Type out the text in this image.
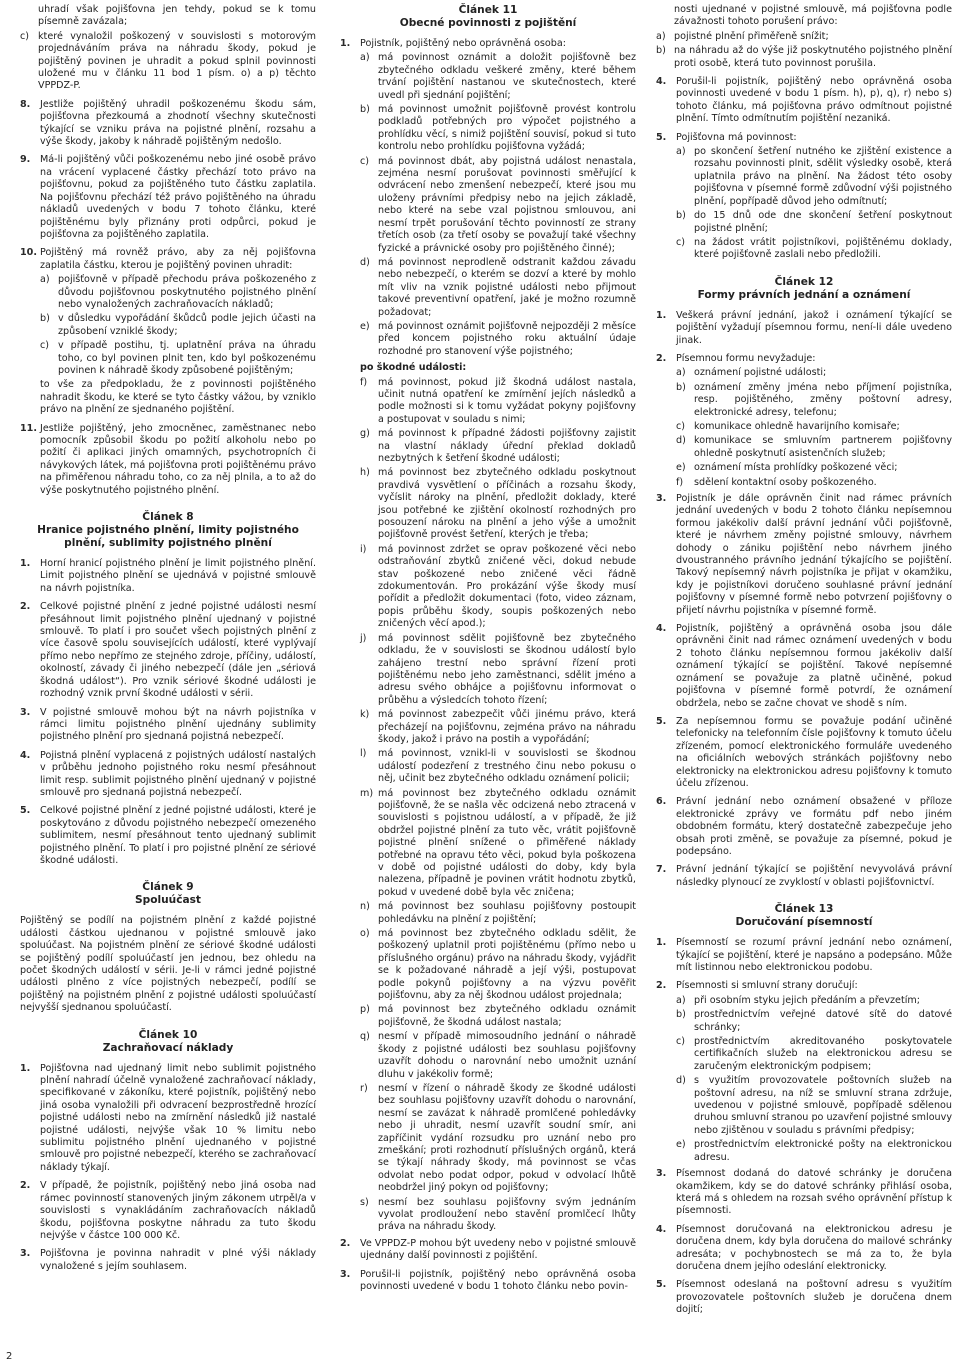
uhradí však pojišťovna jen tehdy, pokud se k tomu písemně zavázala;

c) které vynaložil poškozený v souvislosti s motorovým projednáváním práva na náhradu škody, pokud je pojištěný povinen je uhradit a pokud splnil povinnosti uložené mu v článku 11 bod 1 písm. o) a p) těchto VPPDZ-P.
8. Jestliže pojištěný uhradil poškozenému škodu sám, pojišťovna přezkoumá a zhodnotí všechny skutečnosti týkající se vzniku práva na pojistné plnění, rozsahu a výše škody, jakoby k náhradě pojištěným nedošlo.
9. Má-li pojištěný vůči poškozenému nebo jiné osobě právo na vrácení vyplacené částky přechází toto právo na pojišťovnu, pokud za pojištěného tuto částku zaplatila. Na pojišťovnu přechází též právo pojištěného na úhradu nákladů uvedených v bodu 7 tohoto článku, které pojištěnému byly přiznány proti odpůrci, pokud je pojišťovna za pojištěného zaplatila.
10. Pojištěný má rovněž právo, aby za něj pojišťovna zaplatila částku, kterou je pojištěný povinen uhradit:
a) pojišťovně v případě přechodu práva poškozeného z důvodu pojišťovnou poskytnutého pojistného plnění nebo vynaložených zachraňovacích nákladů;
b) v důsledku vypořádání škůdců podle jejich účasti na způsobení vzniklé škody;
c) v případě postihu, tj. uplatnění práva na úhradu toho, co byl povinen plnit ten, kdo byl poškozenému povinen k náhradě škody způsobené pojištěným;

to vše za předpokladu, že z povinnosti pojištěného nahradit škodu, ke které se tyto částky vážou, by vzniklo právo na plnění ze sjednaného pojištění.

11. Jestliže pojištěný, jeho zmocněnec, zaměstnanec nebo pomocník způsobil škodu po požití alkoholu nebo po požití či aplikaci jiných omamných, psychotropních či návykových látek, má pojišťovna proti pojištěnému právo na přiměřenou náhradu toho, co za něj plnila, a to až do výše poskytnutého pojistného plnění.
Článek 8
Hranice pojistného plnění, limity pojistného plnění, sublimity pojistného plnění
1. Horní hranicí pojistného plnění je limit pojistného plnění. Limit pojistného plnění se ujednává v pojistné smlouvě na návrh pojistníka.
2. Celkové pojistné plnění z jedné pojistné události nesmí přesáhnout limit pojistného plnění ujednaný v pojistné smlouvě. To platí i pro součet všech pojistných plnění z více časově spolu souvisejících událostí, které vyplývají přímo nebo nepřímo ze stejného zdroje, příčiny, událostí, okolností, závady či jiného nebezpečí (dále jen „sériová škodná událost“). Pro vznik sériové škodné události je rozhodný vznik první škodné události v sérii.
3. V pojistné smlouvě mohou být na návrh pojistníka v rámci limitu pojistného plnění ujednány sublimity pojistného plnění pro sjednaná pojistná nebezpečí.
4. Pojistná plnění vyplacená z pojistných událostí nastalých v průběhu jednoho pojistného roku nesmí přesáhnout limit resp. sublimit pojistného plnění ujednaný v pojistné smlouvě pro sjednaná pojistná nebezpečí.
5. Celkové pojistné plnění z jedné pojistné události, které je poskytováno z důvodu pojistného nebezpečí omezeného sublimitem, nesmí přesáhnout tento ujednaný sublimit pojistného plnění. To platí i pro pojistné plnění ze sériové škodné události.
Článek 9
Spoluúčast

Pojištěný se podílí na pojistném plnění z každé pojistné události částkou ujednanou v pojistné smlouvě jako spoluúčast. Na pojistném plnění ze sériové škodné události se pojištěný podílí spoluúčastí jen jednou, bez ohledu na počet škodných událostí v sérii. Je-li v rámci jedné pojistné události plněno z více pojistných nebezpečí, podílí se pojištěný na pojistném plnění z pojistné události spoluúčastí nejvyšší sjednanou spoluúčastí.

Článek 10
Zachraňovací náklady
1. Pojišťovna nad ujednaný limit nebo sublimit pojistného plnění nahradí účelně vynaložené zachraňovací náklady, specifikované v zákoníku, které pojistník, pojištěný nebo jiná osoba vynaložili při odvracení bezprostředně hrozící pojistné události nebo na zmírnění následků již nastalé pojistné události, nejvýše však 10 % limitu nebo sublimitu pojistného plnění ujednaného v pojistné smlouvě pro pojistné nebezpečí, kterého se zachraňovací náklady týkají.
2. V případě, že pojistník, pojištěný nebo jiná osoba nad rámec povinností stanovených jiným zákonem utrpěl/a v souvislosti s vynakládáním zachraňovacích nákladů škodu, pojišťovna poskytne náhradu za tuto škodu nejvýše v částce 100 000 Kč.
3. Pojišťovna je povinna nahradit v plné výši náklady vynaložené s jejím souhlasem.
Článek 11
Obecné povinnosti z pojištění
1. Pojistník, pojištěný nebo oprávněná osoba:
a) má povinnost oznámit a doložit pojišťovně bez zbytečného odkladu veškeré změny, které během trvání pojištění nastanou ve skutečnostech, které uvedl při sjednání pojištění;
b) má povinnost umožnit pojišťovně provést kontrolu podkladů potřebných pro výpočet pojistného a prohlídku věcí, s nimiž pojištění souvisí, pokud si tuto kontrolu nebo prohlídku pojišťovna vyžádá;
c) má povinnost dbát, aby pojistná událost nenastala, zejména nesmí porušovat povinnosti směřující k odvrácení nebo zmenšení nebezpečí, které jsou mu uloženy právními předpisy nebo na jejich základě, nebo které na sebe vzal pojistnou smlouvou, ani nesmí trpět porušování těchto povinností ze strany třetích osob (za třetí osoby se považují také všechny fyzické a právnické osoby pro pojištěného činné);
d) má povinnost neprodleně odstranit každou závadu nebo nebezpečí, o kterém se dozví a které by mohlo mít vliv na vznik pojistné události nebo přijmout takové preventivní opatření, jaké je možno rozumně požadovat;
e) má povinnost oznámit pojišťovně nejpozději 2 měsíce před koncem pojistného roku aktuální údaje rozhodné pro stanovení výše pojistného;
po škodné události:
f) má povinnost, pokud již škodná událost nastala, učinit nutná opatření ke zmírnění jejích následků a podle možnosti si k tomu vyžádat pokyny pojišťovny a postupovat v souladu s nimi;
g) má povinnost k případné žádosti pojišťovny zajistit na vlastní náklady úřední překlad dokladů nezbytných k šetření škodné události;
h) má povinnost bez zbytečného odkladu poskytnout pravdivá vysvětlení o příčinách a rozsahu škody, vyčíslit nároky na plnění, předložit doklady, které jsou potřebné ke zjištění okolností rozhodných pro posouzení nároku na plnění a jeho výše a umožnit pojišťovně provést šetření, kterých je třeba;
i) má povinnost zdržet se oprav poškozené věci nebo odstraňování zbytků zničené věci, dokud nebude stav poškozené nebo zničené věci řádně zdokumentován. Pro prokázání výše škody musí pořídit a předložit dokumentaci (foto, video záznam, popis průběhu škody, soupis poškozených nebo zničených věcí apod.);
j) má povinnost sdělit pojišťovně bez zbytečného odkladu, že v souvislosti se škodnou událostí bylo zahájeno trestní nebo správní řízení proti pojištěnému nebo jeho zaměstnanci, sdělit jméno a adresu svého obhájce a pojišťovnu informovat o průběhu a výsledcích tohoto řízení;
k) má povinnost zabezpečit vůči jinému právo, která přecházejí na pojišťovnu, zejména právo na náhradu škody, jakož i právo na postih a vypořádání;
l) má povinnost, vznikl-li v souvislosti se škodnou událostí podezření z trestného činu nebo pokusu o něj, učinit bez zbytečného odkladu oznámení policii;
m) má povinnost bez zbytečného odkladu oznámit pojišťovně, že se našla věc odcizená nebo ztracená v souvislosti s pojistnou událostí, a v případě, že již obdržel pojistné plnění za tuto věc, vrátit pojišťovně pojistné plnění snížené o přiměřené náklady potřebné na opravu této věci, pokud byla poškozena v době od pojistné události do doby, kdy byla nalezena, případně je povinen vrátit hodnotu zbytků, pokud v uvedené době byla věc zničena;
n) má povinnost bez souhlasu pojišťovny postoupit pohledávku na plnění z pojištění;
o) má povinnost bez zbytečného odkladu sdělit, že poškozený uplatnil proti pojištěnému (přímo nebo u příslušného orgánu) právo na náhradu škody, vyjádřit se k požadované náhradě a její výši, postupovat podle pokynů pojišťovny a na výzvu pověřit pojišťovnu, aby za něj škodnou událost projednala;
p) má povinnost bez zbytečného odkladu oznámit pojišťovně, že škodná událost nastala;
q) nesmí v případě mimosoudního jednání o náhradě škody z pojistné události bez souhlasu pojišťovny uzavřít dohodu o narovnání nebo umožnit uznání dluhu v jakékoliv formě;
r) nesmí v řízení o náhradě škody ze škodné události bez souhlasu pojišťovny uzavřít dohodu o narovnání, nesmí se zavázat k náhradě promlčené pohledávky nebo ji uhradit, nesmí uzavřít soudní smír, ani zapříčinit vydání rozsudku pro uznání nebo pro zmeškání; proti rozhodnutí příslušných orgánů, která se týkají náhrady škody, má povinnost se včas odvolat nebo podat odpor, pokud v odvolací lhůtě neobdržel jiný pokyn od pojišťovny;
s) nesmí bez souhlasu pojišťovny svým jednáním vyvolat prodloužení nebo stavění promlčecí lhůty práva na náhradu škody.
2. Ve VPPDZ-P mohou být uvedeny nebo v pojistné smlouvě ujednány další povinnosti z pojištění.
3. Porušil-li pojistník, pojištěný nebo oprávněná osoba povinnosti uvedené v bodu 1 tohoto článku nebo povin-

nosti ujednané v pojistné smlouvě, má pojišťovna podle závažnosti tohoto porušení právo:

a) pojistné plnění přiměřeně snížit;
b) na náhradu až do výše již poskytnutého pojistného plnění proti osobě, která tuto povinnost porušila.
4. Porušil-li pojistník, pojištěný nebo oprávněná osoba povinnosti uvedené v bodu 1 písm. h), p), q), r) nebo s) tohoto článku, má pojišťovna právo odmítnout pojistné plnění. Tímto odmítnutím pojištění nezaniká.
5. Pojišťovna má povinnost:
a) po skončení šetření nutného ke zjištění existence a rozsahu povinnosti plnit, sdělit výsledky osobě, která uplatnila právo na plnění. Na žádost této osoby pojišťovna v písemné formě zdůvodní výši pojistného plnění, popřípadě důvod jeho odmítnutí;
b) do 15 dnů ode dne skončení šetření poskytnout pojistné plnění;
c) na žádost vrátit pojistníkovi, pojištěnému doklady, které pojišťovně zaslali nebo předložili.
Článek 12
Formy právních jednání a oznámení
1. Veškerá právní jednání, jakož i oznámení týkající se pojištění vyžadují písemnou formu, není-li dále uvedeno jinak.
2. Písemnou formu nevyžaduje:
a) oznámení pojistné události;
b) oznámení změny jména nebo příjmení pojistníka, resp. pojištěného, změny poštovní adresy, elektronické adresy, telefonu;
c) komunikace ohledně havarijního komisaře;
d) komunikace se smluvním partnerem pojišťovny ohledně poskytnutí asistenčních služeb;
e) oznámení místa prohlídky poškozené věci;
f) sdělení kontaktní osoby poškozeného.
3. Pojistník je dále oprávněn činit nad rámec právních jednání uvedených v bodu 2 tohoto článku nepísemnou formou jakékoliv další právní jednání vůči pojišťovně, které je návrhem změny pojistné smlouvy, návrhem dohody o zániku pojištění nebo návrhem jiného dvoustranného právního jednání týkajícího se pojištění. Takový nepísemný návrh pojistníka je přijat v okamžiku, kdy je pojistníkovi doručeno souhlasné právní jednání pojišťovny v písemné formě nebo potvrzení pojišťovny o přijetí návrhu pojistníka v písemné formě.
4. Pojistník, pojištěný a oprávněná osoba jsou dále oprávněni činit nad rámec oznámení uvedených v bodu 2 tohoto článku nepísemnou formou jakékoliv další oznámení týkající se pojištění. Takové nepísemné oznámení se považuje za platně učiněné, pokud pojišťovna v písemné formě potvrdí, že oznámení obdržela, nebo se začne chovat ve shodě s ním.
5. Za nepísemnou formu se považuje podání učiněné telefonicky na telefonním čísle pojišťovny k tomuto účelu zřízeném, pomocí elektronického formuláře uvedeného na oficiálních webových stránkách pojišťovny nebo elektronicky na elektronickou adresu pojišťovny k tomuto účelu zřízenou.
6. Právní jednání nebo oznámení obsažené v příloze elektronické zprávy ve formátu pdf nebo jiném obdobném formátu, který dostatečně zabezpečuje jeho obsah proti změně, se považuje za písemné, pokud je podepsáno.
7. Právní jednání týkající se pojištění nevyvolává právní následky plynoucí ze zvyklostí v oblasti pojišťovnictví.
Článek 13
Doručování písemností
1. Písemností se rozumí právní jednání nebo oznámení, týkající se pojištění, které je napsáno a podepsáno. Může mít listinnou nebo elektronickou podobu.
2. Písemnosti si smluvní strany doručují:
a) při osobním styku jejich předáním a převzetím;
b) prostřednictvím veřejné datové sítě do datové schránky;
c) prostřednictvím akreditovaného poskytovatele certifikačních služeb na elektronickou adresu se zaručeným elektronickým podpisem;
d) s využitím provozovatele poštovních služeb na poštovní adresu, na níž se smluvní strana zdržuje, uvedenou v pojistné smlouvě, popřípadě sdělenou druhou smluvní stranou po uzavření pojistné smlouvy nebo zjištěnou v souladu s právními předpisy;
e) prostřednictvím elektronické pošty na elektronickou adresu.
3. Písemnost dodaná do datové schránky je doručena okamžikem, kdy se do datové schránky přihlásí osoba, která má s ohledem na rozsah svého oprávnění přístup k písemnosti.
4. Písemnost doručovaná na elektronickou adresu je doručena dnem, kdy byla doručena do mailové schránky adresáta; v pochybnostech se má za to, že byla doručena dnem jejího odeslání elektronicky.
5. Písemnost odeslaná na poštovní adresu s využitím provozovatele poštovních služeb je doručena dnem dojití;
2
